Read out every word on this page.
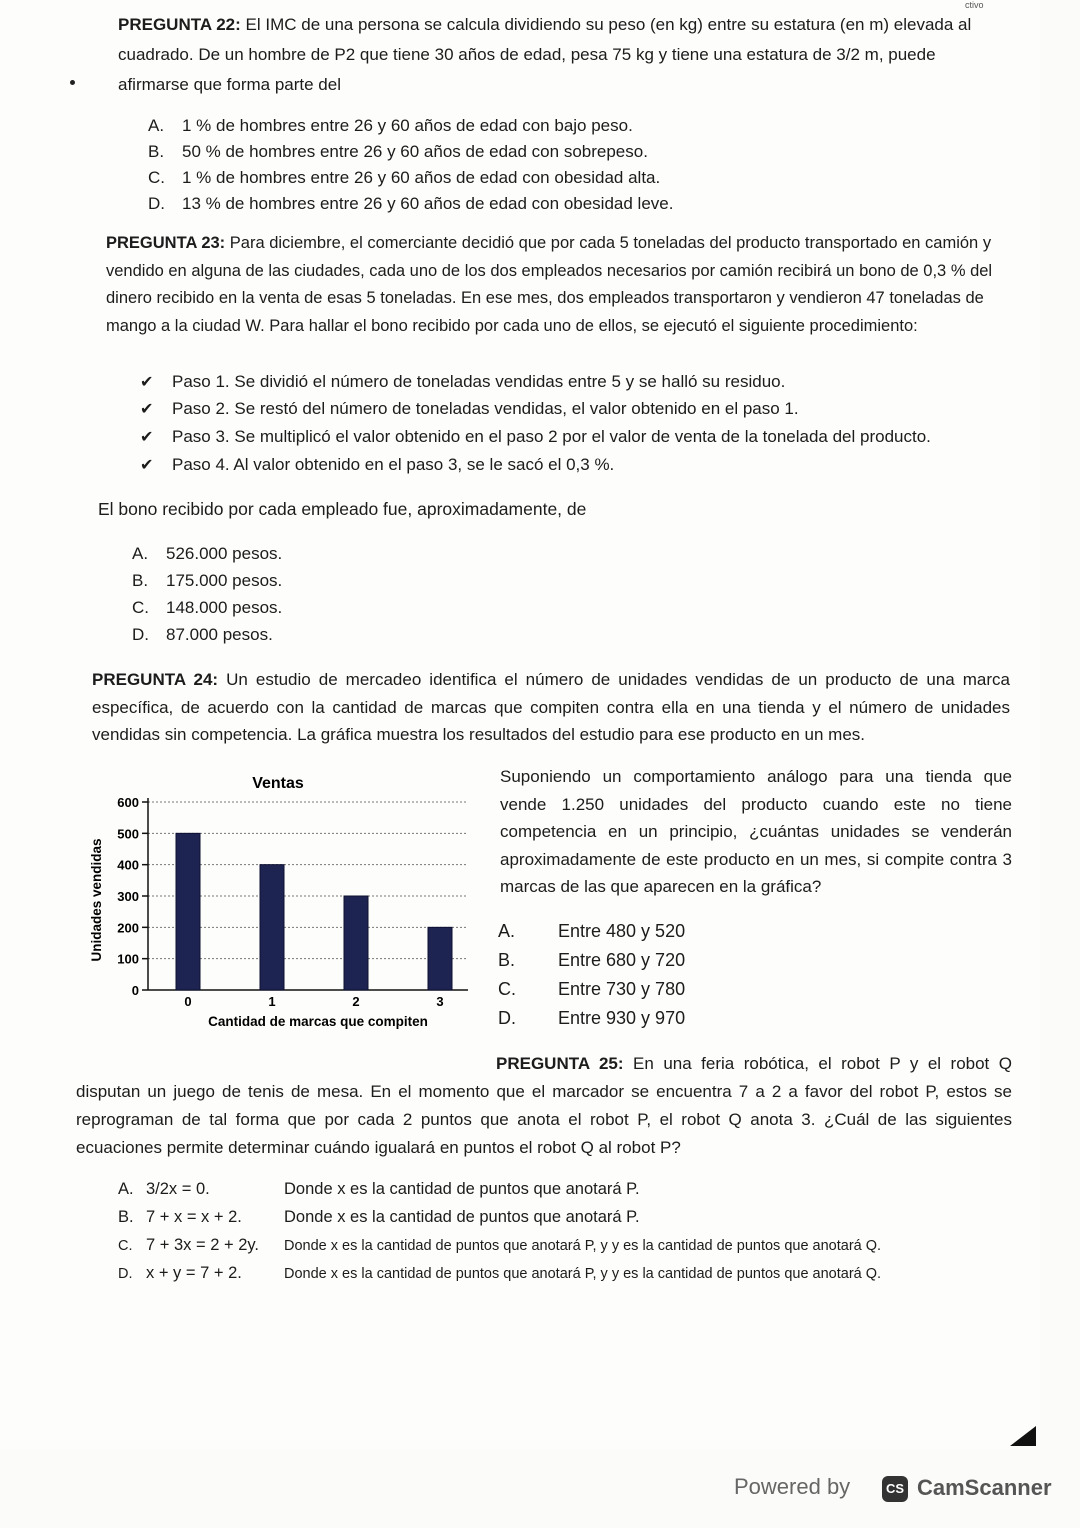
ctivo
PREGUNTA 22: El IMC de una persona se calcula dividiendo su peso (en kg) entre su estatura (en m) elevada al cuadrado. De un hombre de P2 que tiene 30 años de edad, pesa 75 kg y tiene una estatura de 3/2 m, puede afirmarse que forma parte del
A. 1 % de hombres entre 26 y 60 años de edad con bajo peso.
B. 50 % de hombres entre 26 y 60 años de edad con sobrepeso.
C. 1 % de hombres entre 26 y 60 años de edad con obesidad alta.
D. 13 % de hombres entre 26 y 60 años de edad con obesidad leve.
PREGUNTA 23: Para diciembre, el comerciante decidió que por cada 5 toneladas del producto transportado en camión y vendido en alguna de las ciudades, cada uno de los dos empleados necesarios por camión recibirá un bono de 0,3 % del dinero recibido en la venta de esas 5 toneladas. En ese mes, dos empleados transportaron y vendieron 47 toneladas de mango a la ciudad W. Para hallar el bono recibido por cada uno de ellos, se ejecutó el siguiente procedimiento:
✔ Paso 1. Se dividió el número de toneladas vendidas entre 5 y se halló su residuo.
✔ Paso 2. Se restó del número de toneladas vendidas, el valor obtenido en el paso 1.
✔ Paso 3. Se multiplicó el valor obtenido en el paso 2 por el valor de venta de la tonelada del producto.
✔ Paso 4. Al valor obtenido en el paso 3, se le sacó el 0,3 %.
El bono recibido por cada empleado fue, aproximadamente, de
A. 526.000 pesos.
B. 175.000 pesos.
C. 148.000 pesos.
D. 87.000 pesos.
PREGUNTA 24: Un estudio de mercadeo identifica el número de unidades vendidas de un producto de una marca específica, de acuerdo con la cantidad de marcas que compiten contra ella en una tienda y el número de unidades vendidas sin competencia. La gráfica muestra los resultados del estudio para ese producto en un mes.
Ventas
0
100
200
300
400
500
600
0	1	2	3
Cantidad de marcas que compiten
Unidades vendidas
Suponiendo un comportamiento análogo para una tienda que vende 1.250 unidades del producto cuando este no tiene competencia en un principio, ¿cuántas unidades se venderán aproximadamente de este producto en un mes, si compite contra 3 marcas de las que aparecen en la gráfica?
A. Entre 480 y 520
B. Entre 680 y 720
C. Entre 730 y 780
D. Entre 930 y 970
PREGUNTA 25: En una feria robótica, el robot P y el robot Q disputan un juego de tenis de mesa. En el momento que el marcador se encuentra 7 a 2 a favor del robot P, estos se reprograman de tal forma que por cada 2 puntos que anota el robot P, el robot Q anota 3. ¿Cuál de las siguientes ecuaciones permite determinar cuándo igualará en puntos el robot Q al robot P?
A. 3/2x = 0.	Donde x es la cantidad de puntos que anotará P.
B. 7 + x = x + 2.	Donde x es la cantidad de puntos que anotará P.
C. 7 + 3x = 2 + 2y. Donde x es la cantidad de puntos que anotará P, y y es la cantidad de puntos que anotará Q.
D. x + y = 7 + 2.	Donde x es la cantidad de puntos que anotará P, y y es la cantidad de puntos que anotará Q.
Powered by	CS CamScanner
